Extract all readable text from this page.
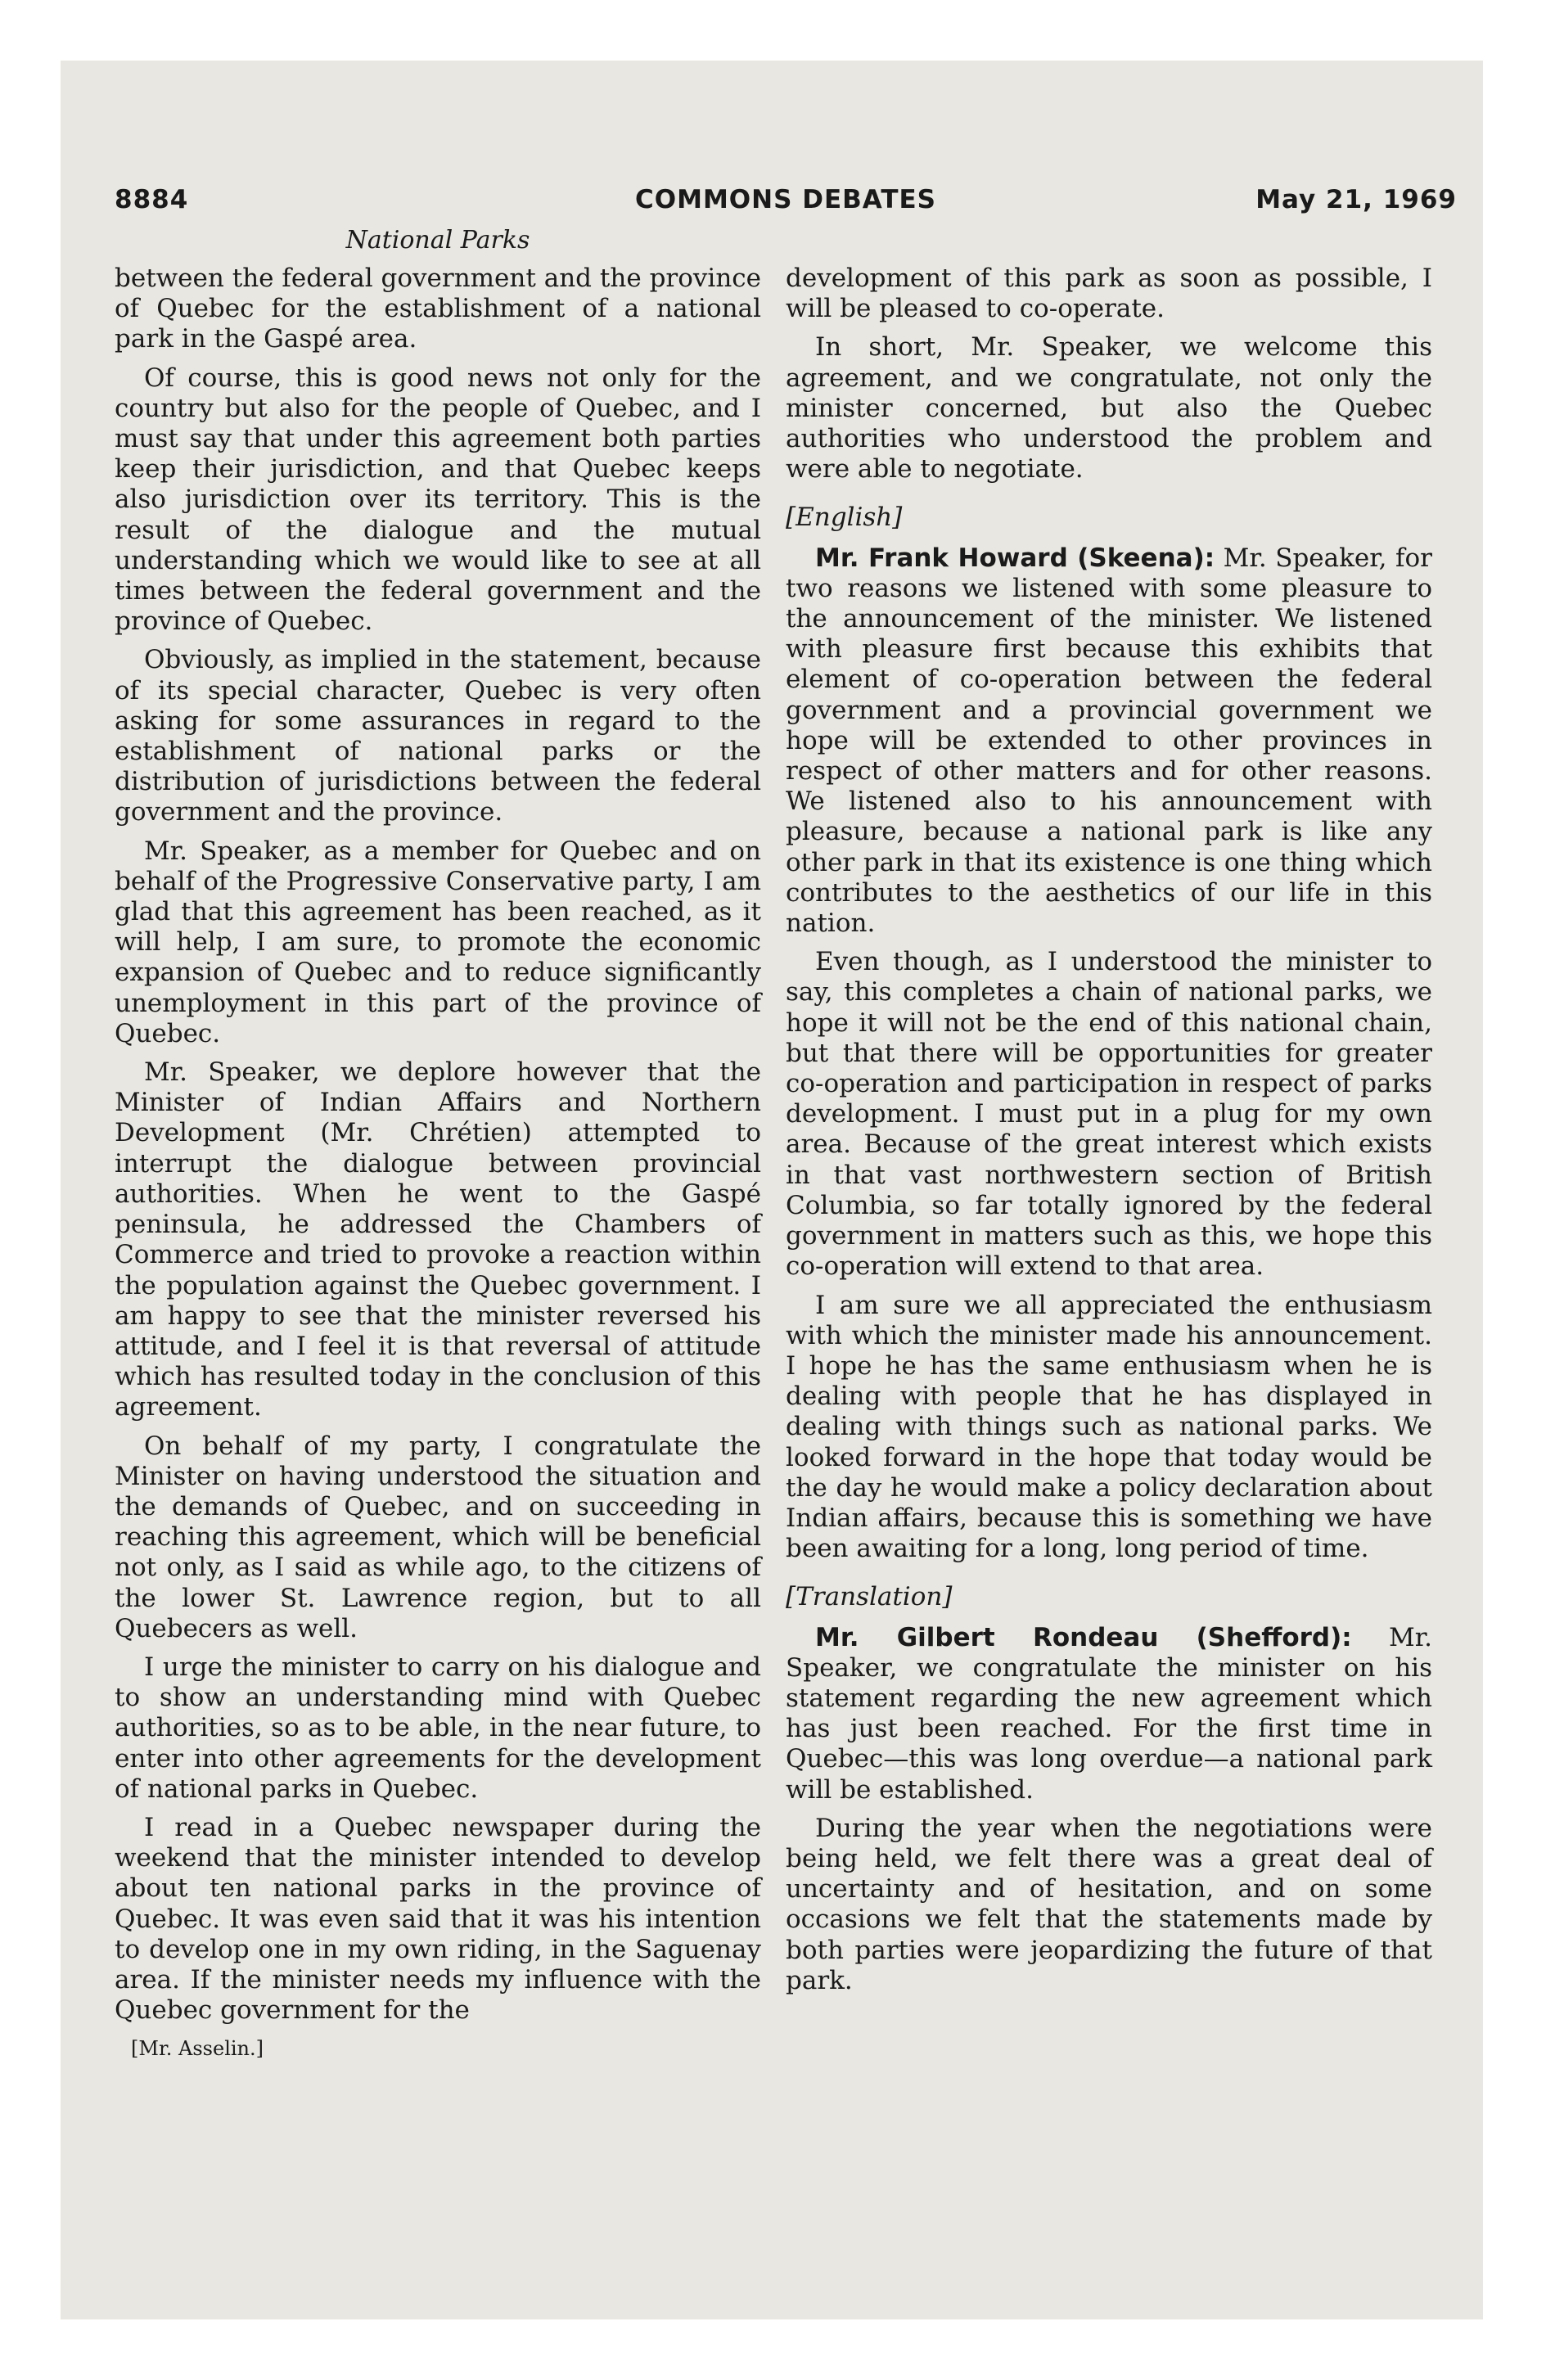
8884	COMMONS DEBATES	May 21, 1969
National Parks

between the federal government and the province of Quebec for the establishment of a national park in the Gaspé area.

Of course, this is good news not only for the country but also for the people of Quebec, and I must say that under this agreement both parties keep their jurisdiction, and that Quebec keeps also jurisdiction over its territory. This is the result of the dialogue and the mutual understanding which we would like to see at all times between the federal government and the province of Quebec.

Obviously, as implied in the statement, because of its special character, Quebec is very often asking for some assurances in regard to the establishment of national parks or the distribution of jurisdictions between the federal government and the province.

Mr. Speaker, as a member for Quebec and on behalf of the Progressive Conservative party, I am glad that this agreement has been reached, as it will help, I am sure, to promote the economic expansion of Quebec and to reduce significantly unemployment in this part of the province of Quebec.

Mr. Speaker, we deplore however that the Minister of Indian Affairs and Northern Development (Mr. Chrétien) attempted to interrupt the dialogue between provincial authorities. When he went to the Gaspé peninsula, he addressed the Chambers of Commerce and tried to provoke a reaction within the population against the Quebec government. I am happy to see that the minister reversed his attitude, and I feel it is that reversal of attitude which has resulted today in the conclusion of this agreement.

On behalf of my party, I congratulate the Minister on having understood the situation and the demands of Quebec, and on succeeding in reaching this agreement, which will be beneficial not only, as I said as while ago, to the citizens of the lower St. Lawrence region, but to all Quebecers as well.

I urge the minister to carry on his dialogue and to show an understanding mind with Quebec authorities, so as to be able, in the near future, to enter into other agreements for the development of national parks in Quebec.

I read in a Quebec newspaper during the weekend that the minister intended to develop about ten national parks in the province of Quebec. It was even said that it was his intention to develop one in my own riding, in the Saguenay area. If the minister needs my influence with the Quebec government for the

[Mr. Asselin.]

development of this park as soon as possible, I will be pleased to co-operate.

In short, Mr. Speaker, we welcome this agreement, and we congratulate, not only the minister concerned, but also the Quebec authorities who understood the problem and were able to negotiate.

[English]

Mr. Frank Howard (Skeena): Mr. Speaker, for two reasons we listened with some pleasure to the announcement of the minister. We listened with pleasure first because this exhibits that element of co-operation between the federal government and a provincial government we hope will be extended to other provinces in respect of other matters and for other reasons. We listened also to his announcement with pleasure, because a national park is like any other park in that its existence is one thing which contributes to the aesthetics of our life in this nation.

Even though, as I understood the minister to say, this completes a chain of national parks, we hope it will not be the end of this national chain, but that there will be opportunities for greater co-operation and participation in respect of parks development. I must put in a plug for my own area. Because of the great interest which exists in that vast northwestern section of British Columbia, so far totally ignored by the federal government in matters such as this, we hope this co-operation will extend to that area.

I am sure we all appreciated the enthusiasm with which the minister made his announcement. I hope he has the same enthusiasm when he is dealing with people that he has displayed in dealing with things such as national parks. We looked forward in the hope that today would be the day he would make a policy declaration about Indian affairs, because this is something we have been awaiting for a long, long period of time.

[Translation]

Mr. Gilbert Rondeau (Shefford): Mr. Speaker, we congratulate the minister on his statement regarding the new agreement which has just been reached. For the first time in Quebec—this was long overdue—a national park will be established.

During the year when the negotiations were being held, we felt there was a great deal of uncertainty and of hesitation, and on some occasions we felt that the statements made by both parties were jeopardizing the future of that park.
